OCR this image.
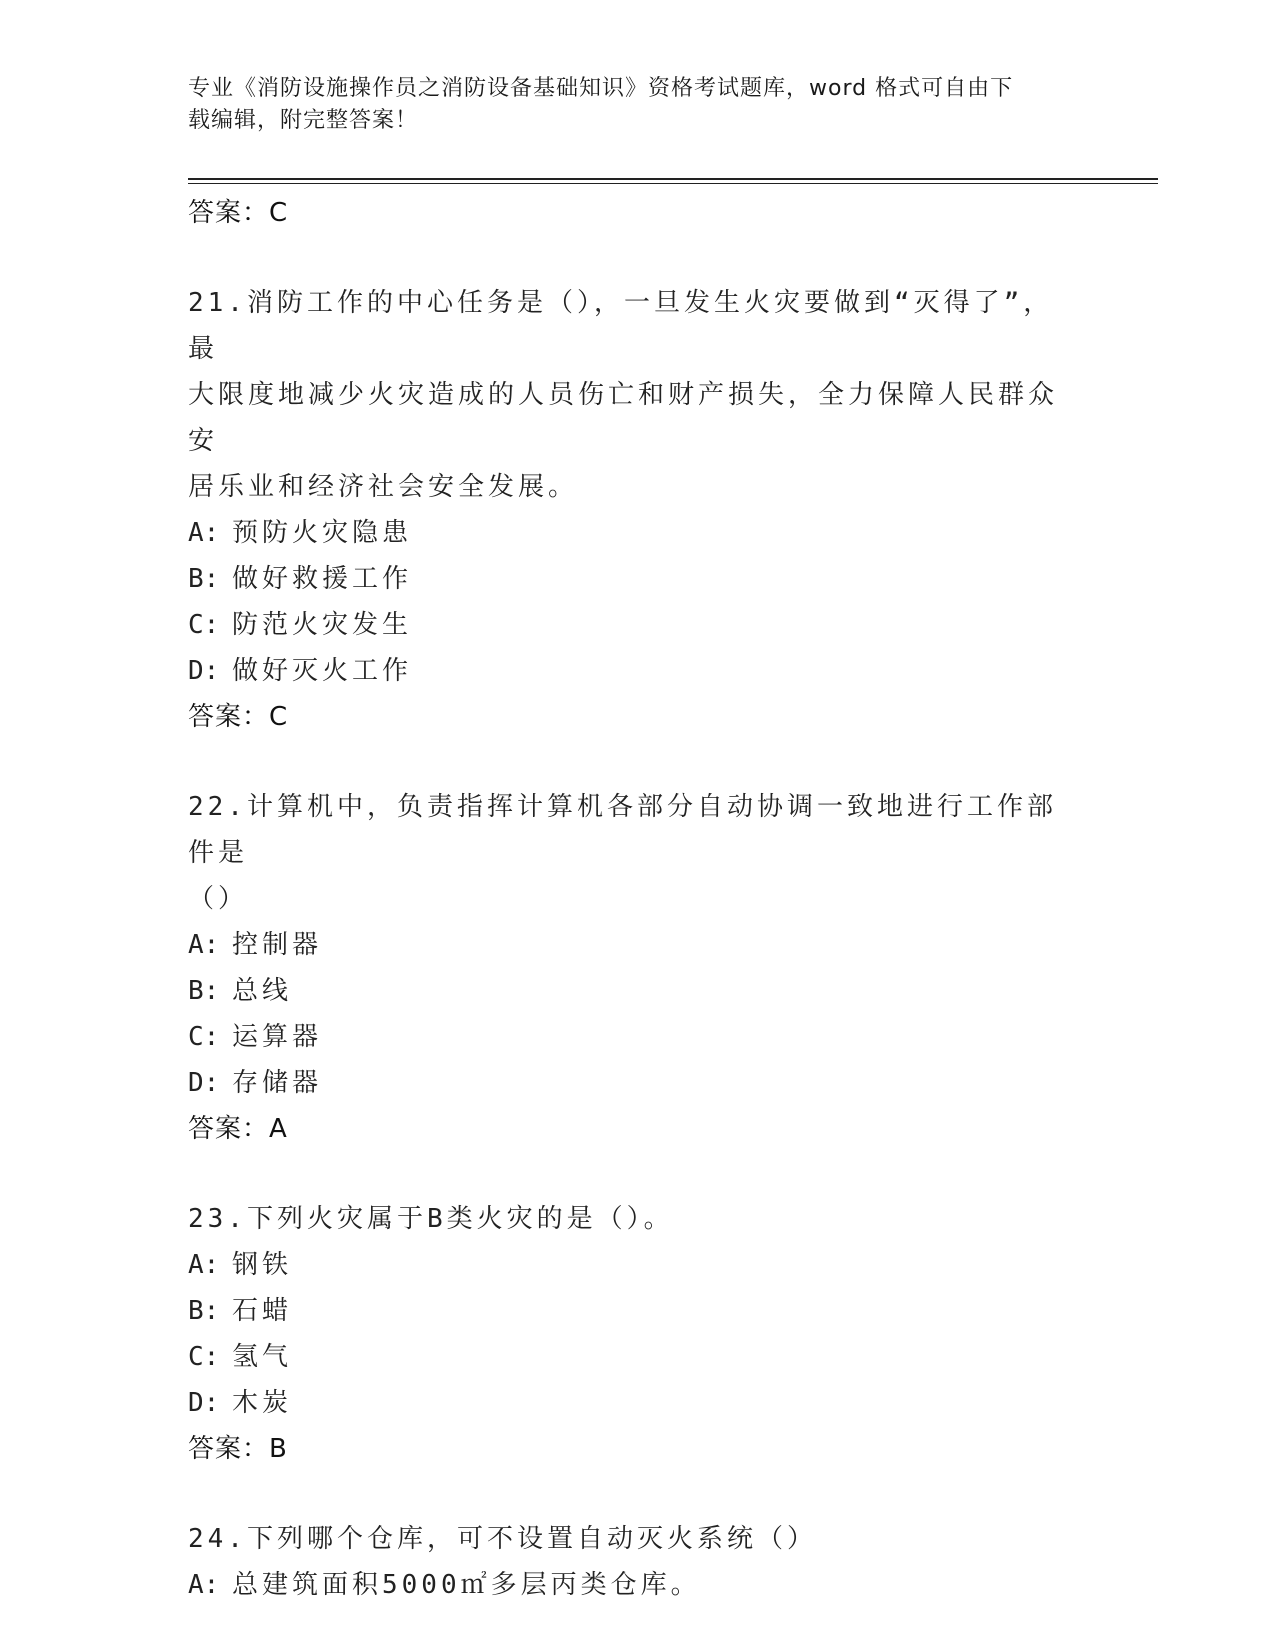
专业《消防设施操作员之消防设备基础知识》资格考试题库，word 格式可自由下
载编辑，附完整答案！
答案：C
21.消防工作的中心任务是（），一旦发生火灾要做到“灭得了”，最
大限度地减少火灾造成的人员伤亡和财产损失，全力保障人民群众安
居乐业和经济社会安全发展。
A: 预防火灾隐患
B: 做好救援工作
C: 防范火灾发生
D: 做好灭火工作
答案：C
22.计算机中，负责指挥计算机各部分自动协调一致地进行工作部件是
（）
A: 控制器
B: 总线
C: 运算器
D: 存储器
答案：A
23.下列火灾属于B类火灾的是（）。
A: 钢铁
B: 石蜡
C: 氢气
D: 木炭
答案：B
24.下列哪个仓库，可不设置自动灭火系统（）
A: 总建筑面积5000㎡多层丙类仓库。
